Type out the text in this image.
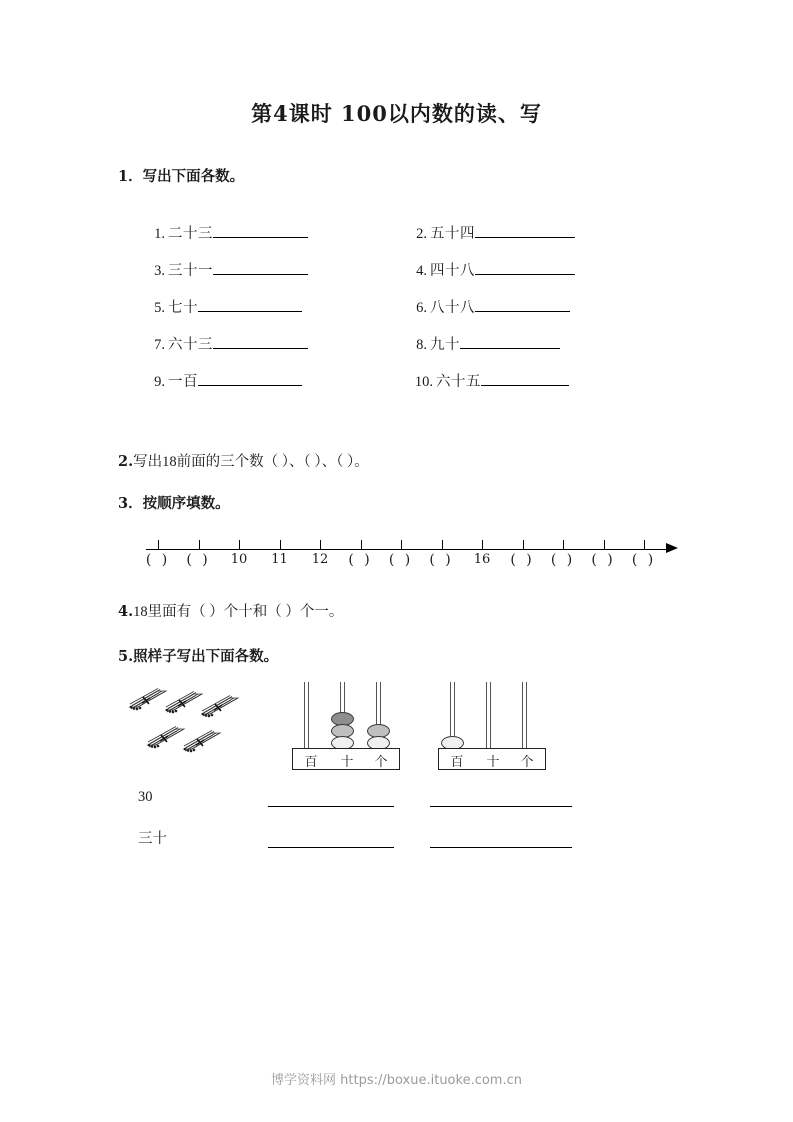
第4课时 100以内数的读、写
1．写出下面各数。
1. 二十三	2. 五十四
3. 三十一	4. 四十八
5. 七十	6. 八十八
7. 六十三	8. 九十
9. 一百	10. 六十五
2.写出18前面的三个数（ ）、（ ）、（ ）。
3．按顺序填数。
( ) ( ) 10 11 12 ( ) ( ) ( ) 16 ( ) ( ) ( ) ( )
4.18里面有（ ）个十和（ ）个一。
5.照样子写出下面各数。
百	十	个	百	十	个
30
三十
博学资料网 https://boxue.ituoke.com.cn
